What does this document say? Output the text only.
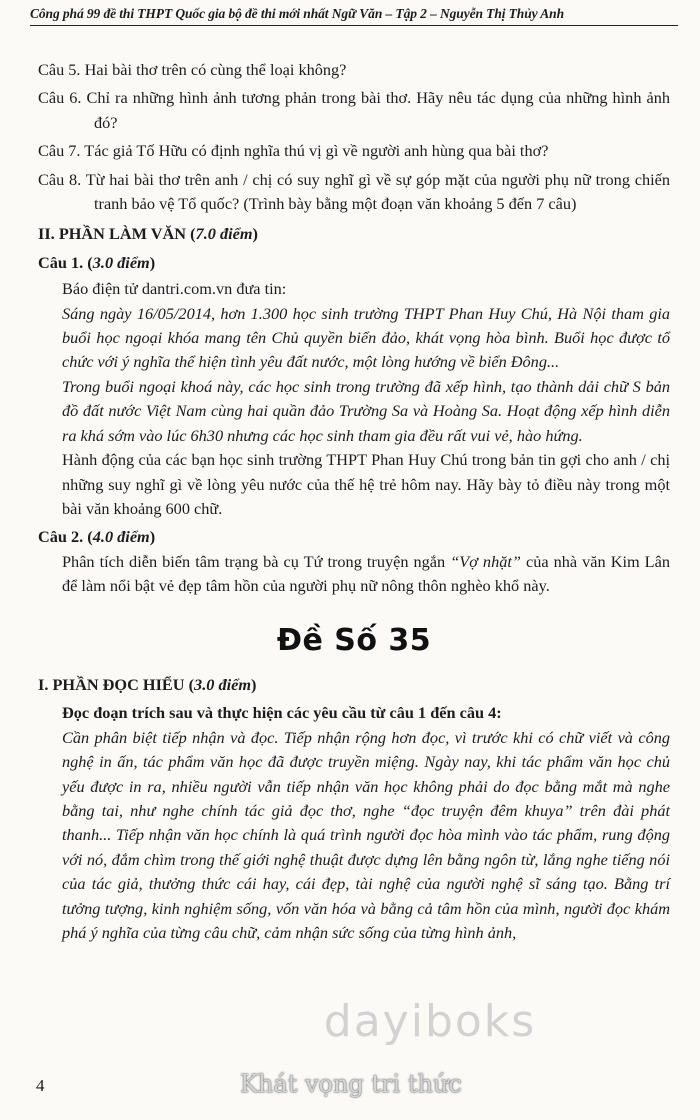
Công phá 99 đề thi THPT Quốc gia bộ đề thi mới nhất Ngữ Văn – Tập 2 – Nguyễn Thị Thủy Anh

Câu 5. Hai bài thơ trên có cùng thể loại không?

Câu 6. Chỉ ra những hình ảnh tương phản trong bài thơ. Hãy nêu tác dụng của những hình ảnh đó?

Câu 7. Tác giả Tố Hữu có định nghĩa thú vị gì về người anh hùng qua bài thơ?

Câu 8. Từ hai bài thơ trên anh / chị có suy nghĩ gì về sự góp mặt của người phụ nữ trong chiến tranh bảo vệ Tổ quốc? (Trình bày bằng một đoạn văn khoảng 5 đến 7 câu)

II. PHẦN LÀM VĂN (7.0 điểm)

Câu 1. (3.0 điểm)

Báo điện tử dantri.com.vn đưa tin:

Sáng ngày 16/05/2014, hơn 1.300 học sinh trường THPT Phan Huy Chú, Hà Nội tham gia buổi học ngoại khóa mang tên Chủ quyền biển đảo, khát vọng hòa bình. Buổi học được tổ chức với ý nghĩa thể hiện tình yêu đất nước, một lòng hướng về biển Đông...

Trong buổi ngoại khoá này, các học sinh trong trường đã xếp hình, tạo thành dải chữ S bản đồ đất nước Việt Nam cùng hai quần đảo Trường Sa và Hoàng Sa. Hoạt động xếp hình diễn ra khá sớm vào lúc 6h30 nhưng các học sinh tham gia đều rất vui vẻ, hào hứng.

Hành động của các bạn học sinh trường THPT Phan Huy Chú trong bản tin gợi cho anh / chị những suy nghĩ gì về lòng yêu nước của thế hệ trẻ hôm nay. Hãy bày tỏ điều này trong một bài văn khoảng 600 chữ.

Câu 2. (4.0 điểm)

Phân tích diễn biến tâm trạng bà cụ Tứ trong truyện ngắn “Vợ nhặt” của nhà văn Kim Lân để làm nổi bật vẻ đẹp tâm hồn của người phụ nữ nông thôn nghèo khổ này.

Đề Số 35

I. PHẦN ĐỌC HIỂU (3.0 điểm)

Đọc đoạn trích sau và thực hiện các yêu cầu từ câu 1 đến câu 4:

Cần phân biệt tiếp nhận và đọc. Tiếp nhận rộng hơn đọc, vì trước khi có chữ viết và công nghệ in ấn, tác phẩm văn học đã được truyền miệng. Ngày nay, khi tác phẩm văn học chủ yếu được in ra, nhiều người vẫn tiếp nhận văn học không phải do đọc bằng mắt mà nghe bằng tai, như nghe chính tác giả đọc thơ, nghe “đọc truyện đêm khuya” trên đài phát thanh... Tiếp nhận văn học chính là quá trình người đọc hòa mình vào tác phẩm, rung động với nó, đắm chìm trong thế giới nghệ thuật được dựng lên bằng ngôn từ, lắng nghe tiếng nói của tác giả, thưởng thức cái hay, cái đẹp, tài nghệ của người nghệ sĩ sáng tạo. Bằng trí tưởng tượng, kinh nghiệm sống, vốn văn hóa và bằng cả tâm hồn của mình, người đọc khám phá ý nghĩa của từng câu chữ, cảm nhận sức sống của từng hình ảnh,

dayiboks
Khát vọng tri thức
4
